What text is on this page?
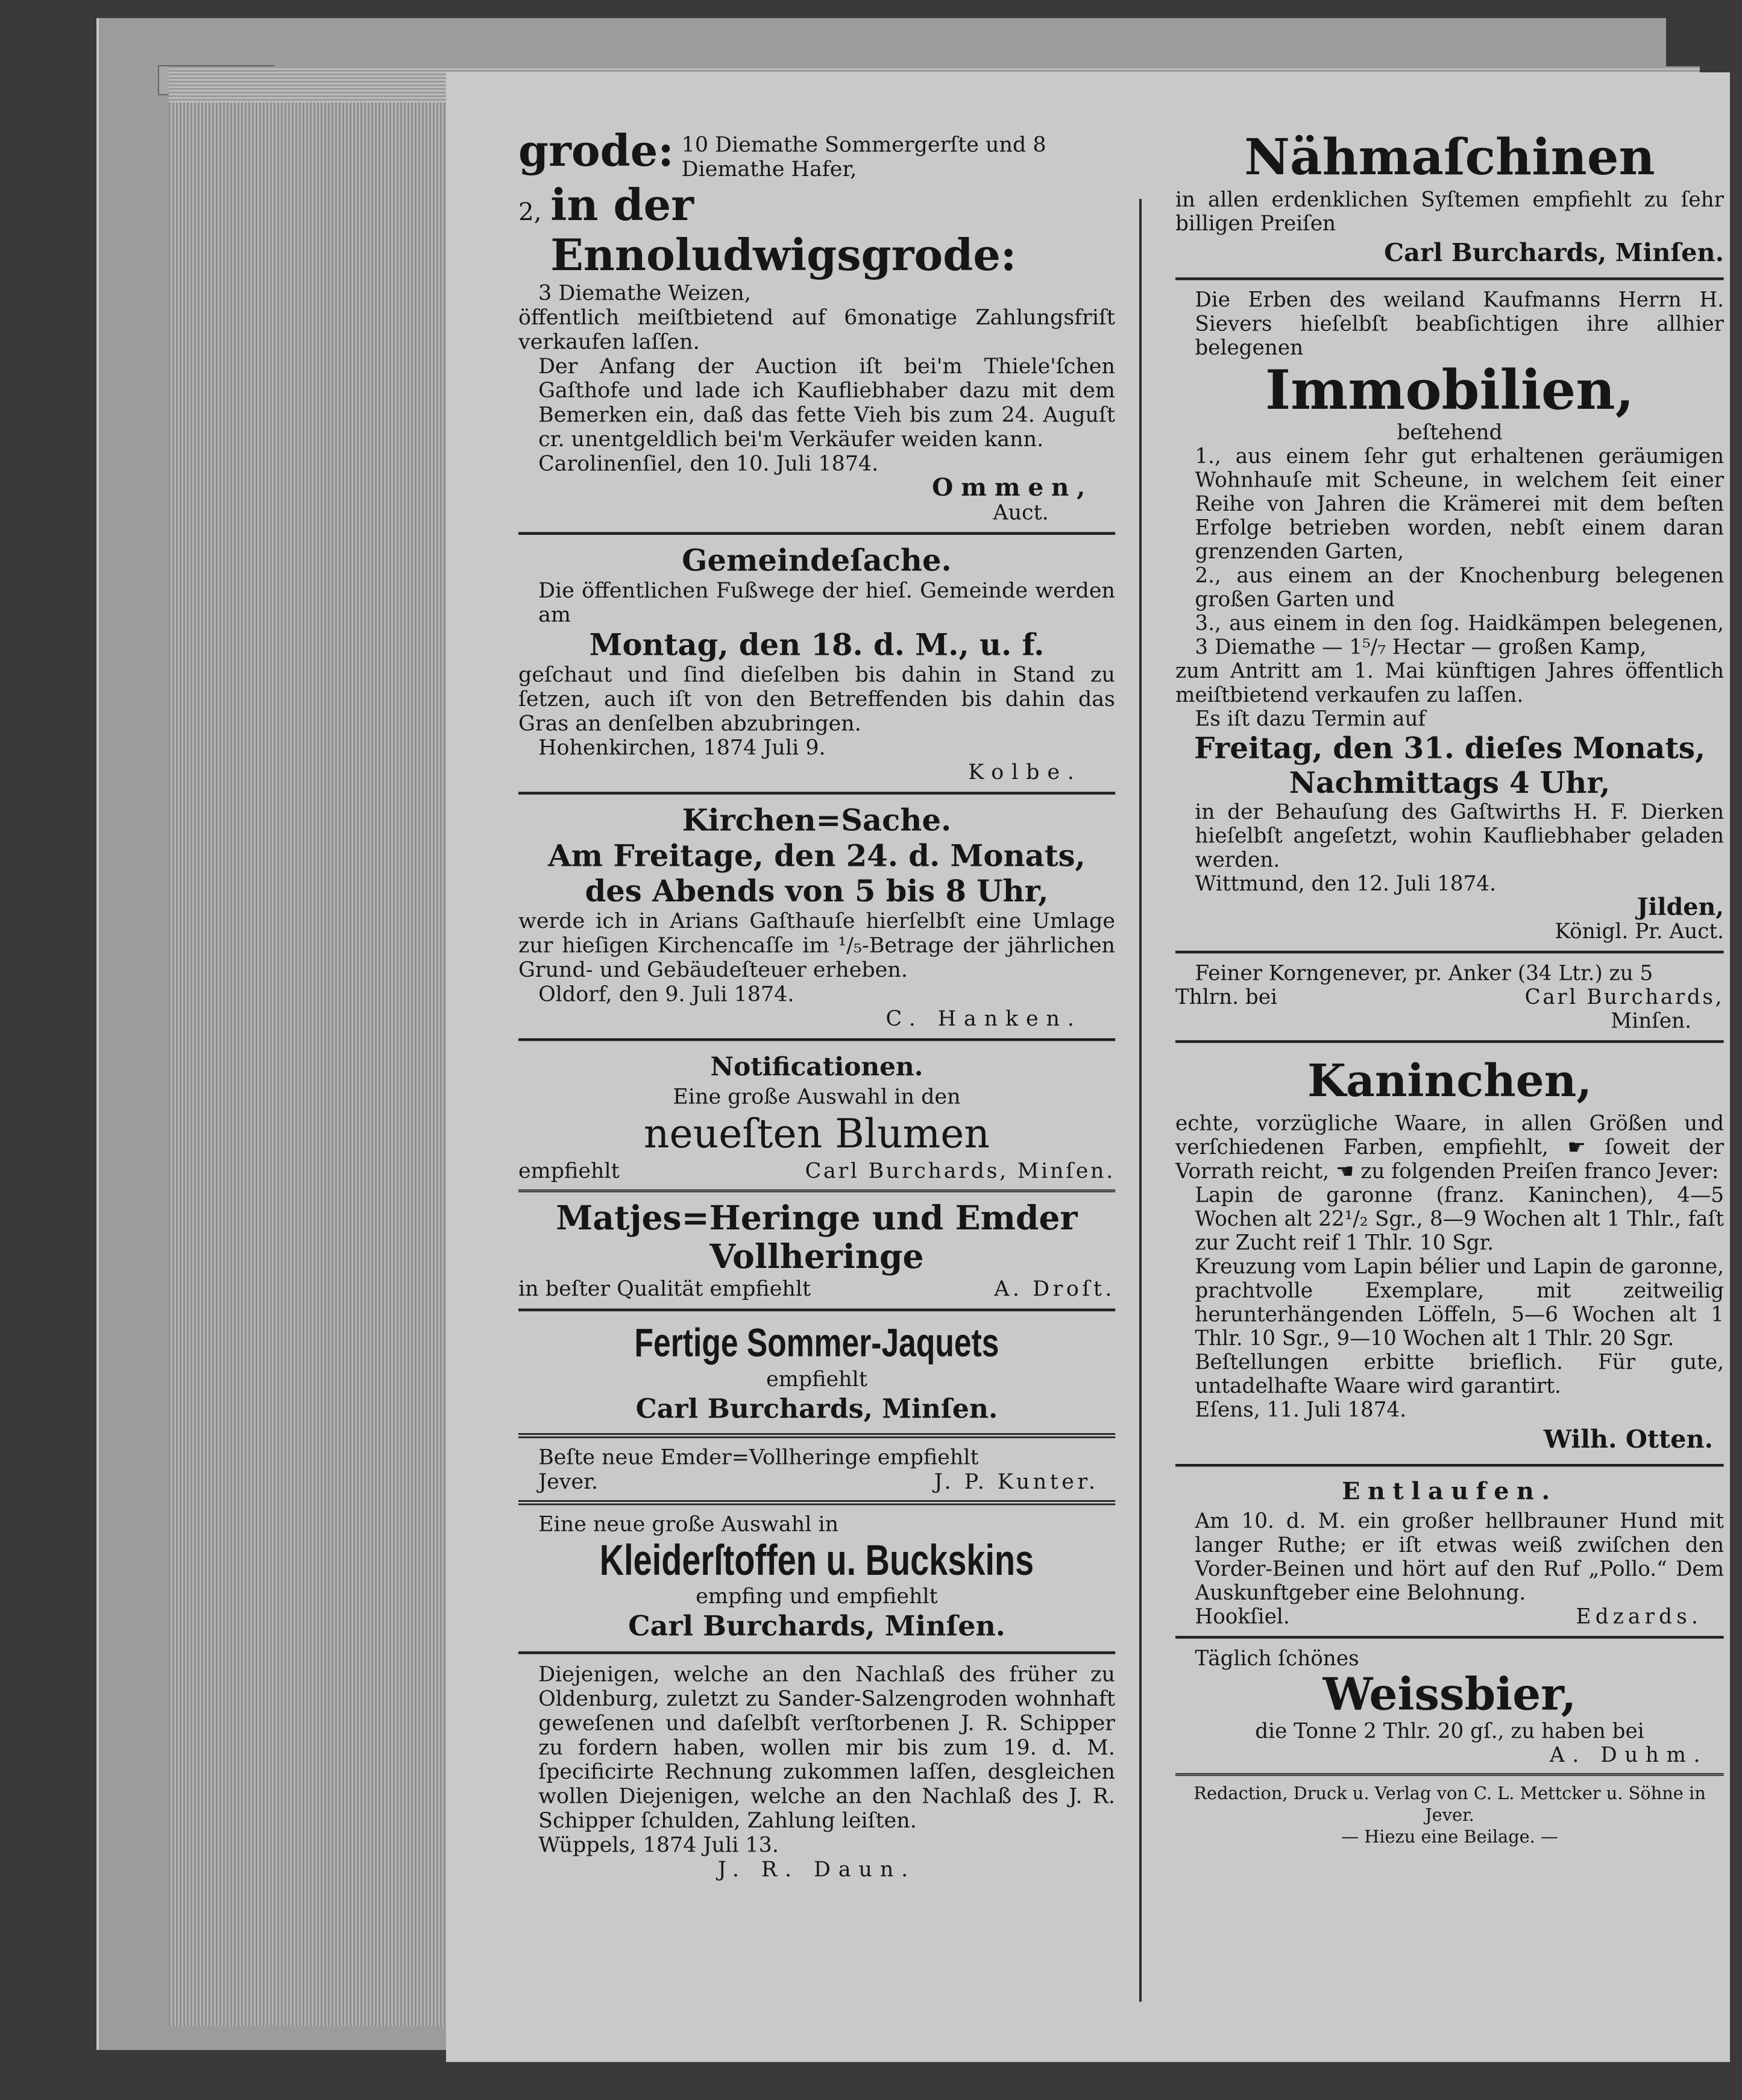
grode: 10 Diemathe Sommergerſte und 8
Diemathe Hafer,
2, in der Ennoludwigsgrode:
3 Diemathe Weizen,
öffentlich meiſtbietend auf 6monatige Zahlungsfriſt verkaufen laſſen.
Der Anfang der Auction iſt bei'm Thiele'ſchen Gaſthofe und lade ich Kaufliebhaber dazu mit dem Bemerken ein, daß das fette Vieh bis zum 24. Auguſt cr. unentgeldlich bei'm Verkäufer weiden kann.
Carolinenſiel, den 10. Juli 1874.
Ommen,
Auct.
Gemeindeſache.
Die öffentlichen Fußwege der hieſ. Gemeinde werden am
Montag, den 18. d. M., u. f.
geſchaut und ſind dieſelben bis dahin in Stand zu ſetzen, auch iſt von den Betreffenden bis dahin das Gras an denſelben abzubringen.
Hohenkirchen, 1874 Juli 9.
Kolbe.
Kirchen=Sache.
Am Freitage, den 24. d. Monats,
des Abends von 5 bis 8 Uhr,
werde ich in Arians Gaſthauſe hierſelbſt eine Umlage zur hieſigen Kirchencaſſe im ¹/₅-Betrage der jährlichen Grund- und Gebäudeſteuer erheben.
Oldorf, den 9. Juli 1874.
C. Hanken.
Notificationen.
Eine große Auswahl in den
neueſten Blumen
empfiehlt	Carl Burchards, Minſen.
Matjes=Heringe und Emder
Vollheringe
in beſter Qualität empfiehlt	A. Droſt.
Fertige Sommer-Jaquets
empfiehlt
Carl Burchards, Minſen.
Beſte neue Emder=Vollheringe empfiehlt
Jever.	J. P. Kunter.
Eine neue große Auswahl in
Kleiderſtoffen u. Buckskins
empfing und empfiehlt
Carl Burchards, Minſen.
Diejenigen, welche an den Nachlaß des früher zu Oldenburg, zuletzt zu Sander-Salzengroden wohnhaft geweſenen und daſelbſt verſtorbenen J. R. Schipper zu fordern haben, wollen mir bis zum 19. d. M. ſpecificirte Rechnung zukommen laſſen, desgleichen wollen Diejenigen, welche an den Nachlaß des J. R. Schipper ſchulden, Zahlung leiſten.
Wüppels, 1874 Juli 13.
J. R. Daun.
Nähmaſchinen
in allen erdenklichen Syſtemen empfiehlt zu ſehr billigen Preiſen
Carl Burchards, Minſen.
Die Erben des weiland Kaufmanns Herrn H. Sievers hieſelbſt beabſichtigen ihre allhier belegenen
Immobilien,
beſtehend
1., aus einem ſehr gut erhaltenen geräumigen Wohnhauſe mit Scheune, in welchem ſeit einer Reihe von Jahren die Krämerei mit dem beſten Erfolge betrieben worden, nebſt einem daran grenzenden Garten,
2., aus einem an der Knochenburg belegenen großen Garten und
3., aus einem in den ſog. Haidkämpen belegenen, 3 Diemathe — 1⁵/₇ Hectar — großen Kamp,
zum Antritt am 1. Mai künftigen Jahres öffentlich meiſtbietend verkaufen zu laſſen.
Es iſt dazu Termin auf
Freitag, den 31. dieſes Monats,
Nachmittags 4 Uhr,
in der Behauſung des Gaſtwirths H. F. Dierken hieſelbſt angeſetzt, wohin Kaufliebhaber geladen werden.
Wittmund, den 12. Juli 1874.
Jilden,
Königl. Pr. Auct.
Feiner Korngenever, pr. Anker (34 Ltr.) zu 5
Thlrn. bei	Carl Burchards,
Minſen.
Kaninchen,
echte, vorzügliche Waare, in allen Größen und verſchiedenen Farben, empfiehlt, ☛ ſoweit der Vorrath reicht, ☚ zu folgenden Preiſen franco Jever:
Lapin de garonne (franz. Kaninchen), 4—5 Wochen alt 22¹/₂ Sgr., 8—9 Wochen alt 1 Thlr., faſt zur Zucht reif 1 Thlr. 10 Sgr.
Kreuzung vom Lapin bélier und Lapin de garonne, prachtvolle Exemplare, mit zeitweilig herunterhängenden Löffeln, 5—6 Wochen alt 1 Thlr. 10 Sgr., 9—10 Wochen alt 1 Thlr. 20 Sgr.
Beſtellungen erbitte brieflich. Für gute, untadelhafte Waare wird garantirt.
Eſens, 11. Juli 1874.
Wilh. Otten.
Entlaufen.
Am 10. d. M. ein großer hellbrauner Hund mit langer Ruthe; er iſt etwas weiß zwiſchen den Vorder-Beinen und hört auf den Ruf „Pollo.“ Dem Auskunftgeber eine Belohnung.
Hookſiel.	Edzards.
Täglich ſchönes
Weissbier,
die Tonne 2 Thlr. 20 gſ., zu haben bei
A. Duhm.
Redaction, Druck u. Verlag von C. L. Mettcker u. Söhne in Jever.
— Hiezu eine Beilage. —
